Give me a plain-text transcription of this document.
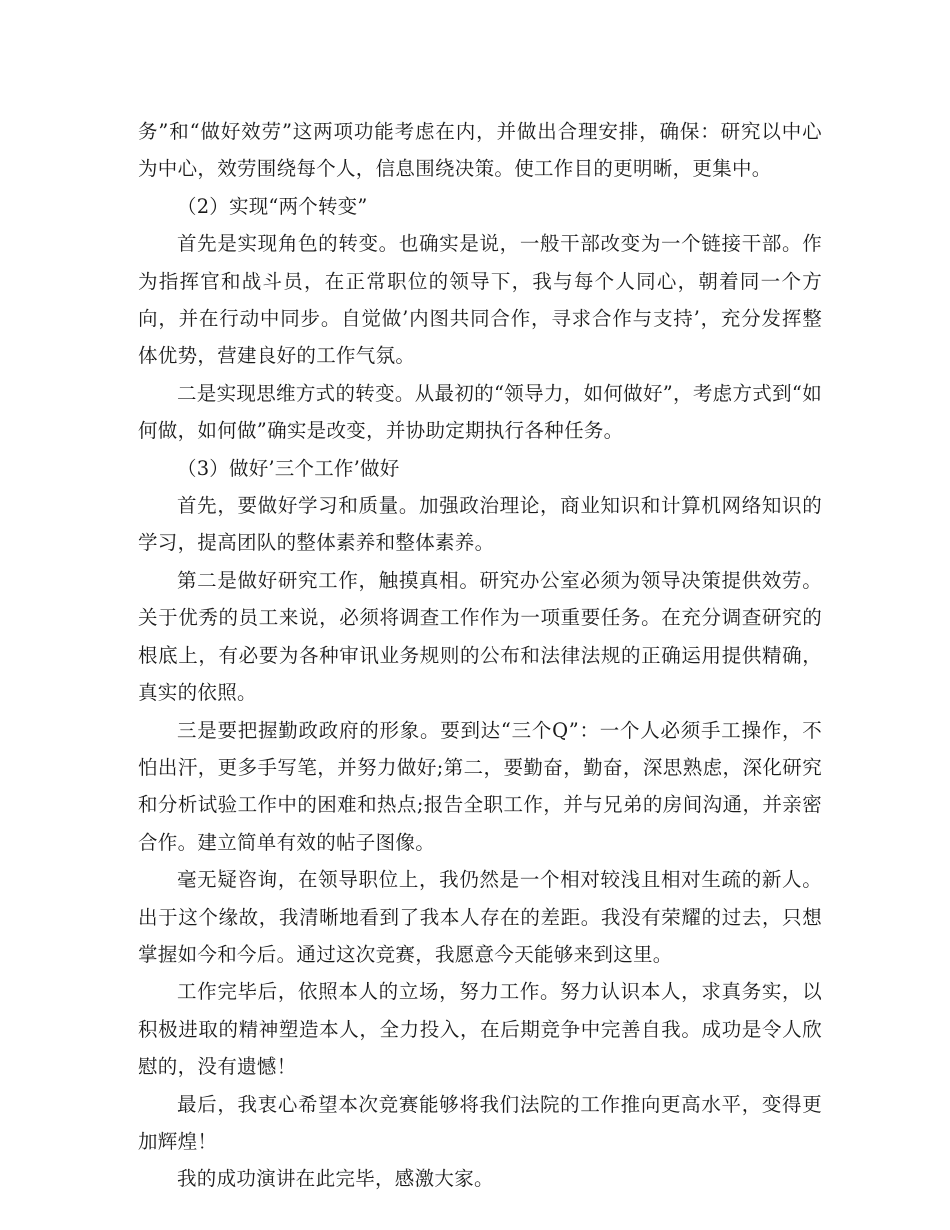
务”和“做好效劳”这两项功能考虑在内，并做出合理安排，确保：研究以中心为中心，效劳围绕每个人，信息围绕决策。使工作目的更明晰，更集中。

（2）实现“两个转变”

首先是实现角色的转变。也确实是说，一般干部改变为一个链接干部。作为指挥官和战斗员，在正常职位的领导下，我与每个人同心，朝着同一个方向，并在行动中同步。自觉做’内图共同合作，寻求合作与支持’，充分发挥整体优势，营建良好的工作气氛。

二是实现思维方式的转变。从最初的“领导力，如何做好”，考虑方式到“如何做，如何做”确实是改变，并协助定期执行各种任务。

（3）做好’三个工作’做好

首先，要做好学习和质量。加强政治理论，商业知识和计算机网络知识的学习，提高团队的整体素养和整体素养。

第二是做好研究工作，触摸真相。研究办公室必须为领导决策提供效劳。关于优秀的员工来说，必须将调查工作作为一项重要任务。在充分调查研究的根底上，有必要为各种审讯业务规则的公布和法律法规的正确运用提供精确，真实的依照。

三是要把握勤政政府的形象。要到达“三个Q”：一个人必须手工操作，不怕出汗，更多手写笔，并努力做好;第二，要勤奋，勤奋，深思熟虑，深化研究和分析试验工作中的困难和热点;报告全职工作，并与兄弟的房间沟通，并亲密合作。建立简单有效的帖子图像。

毫无疑咨询，在领导职位上，我仍然是一个相对较浅且相对生疏的新人。出于这个缘故，我清晰地看到了我本人存在的差距。我没有荣耀的过去，只想掌握如今和今后。通过这次竞赛，我愿意今天能够来到这里。

工作完毕后，依照本人的立场，努力工作。努力认识本人，求真务实，以积极进取的精神塑造本人，全力投入，在后期竞争中完善自我。成功是令人欣慰的，没有遗憾！

最后，我衷心希望本次竞赛能够将我们法院的工作推向更高水平，变得更加辉煌！

我的成功演讲在此完毕，感激大家。
